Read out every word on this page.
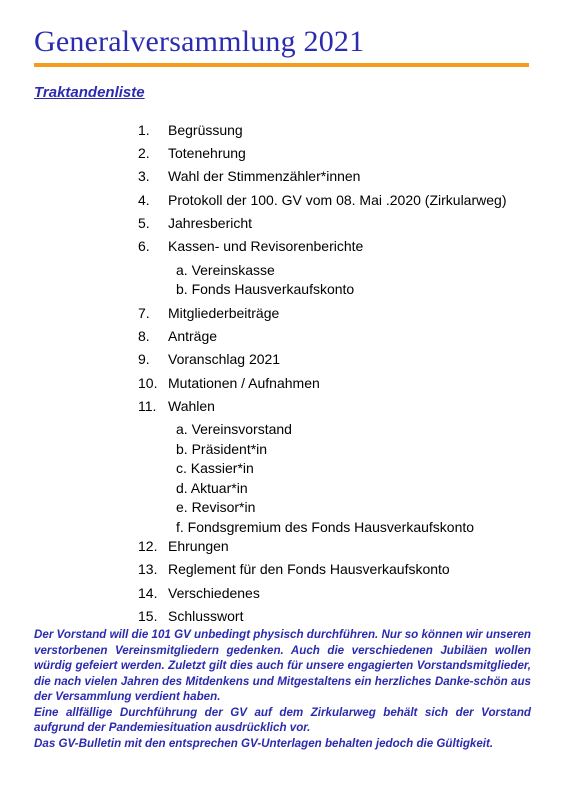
Generalversammlung 2021
Traktandenliste
1.	Begrüssung
2.	Totenehrung
3.	Wahl der Stimmenzähler*innen
4.	Protokoll der 100. GV vom 08. Mai .2020 (Zirkularweg)
5.	Jahresbericht
6.	Kassen- und Revisorenberichte
a. Vereinskasse
b. Fonds Hausverkaufskonto
7.	Mitgliederbeiträge
8.	Anträge
9.	Voranschlag 2021
10. Mutationen / Aufnahmen
11. Wahlen
a. Vereinsvorstand
b. Präsident*in
c. Kassier*in
d. Aktuar*in
e. Revisor*in
f. Fondsgremium des Fonds Hausverkaufskonto
12. Ehrungen
13. Reglement für den Fonds Hausverkaufskonto
14. Verschiedenes
15. Schlusswort

Der Vorstand will die 101 GV unbedingt physisch durchführen. Nur so können wir unseren verstorbenen Vereinsmitgliedern gedenken. Auch die verschiedenen Jubiläen wollen würdig gefeiert werden. Zuletzt gilt dies auch für unsere engagierten Vorstandsmitglieder, die nach vielen Jahren des Mitdenkens und Mitgestaltens ein herzliches Danke-schön aus der Versammlung verdient haben.

Eine allfällige Durchführung der GV auf dem Zirkularweg behält sich der Vorstand aufgrund der Pandemiesituation ausdrücklich vor.

Das GV-Bulletin mit den entsprechen GV-Unterlagen behalten jedoch die Gültigkeit.
